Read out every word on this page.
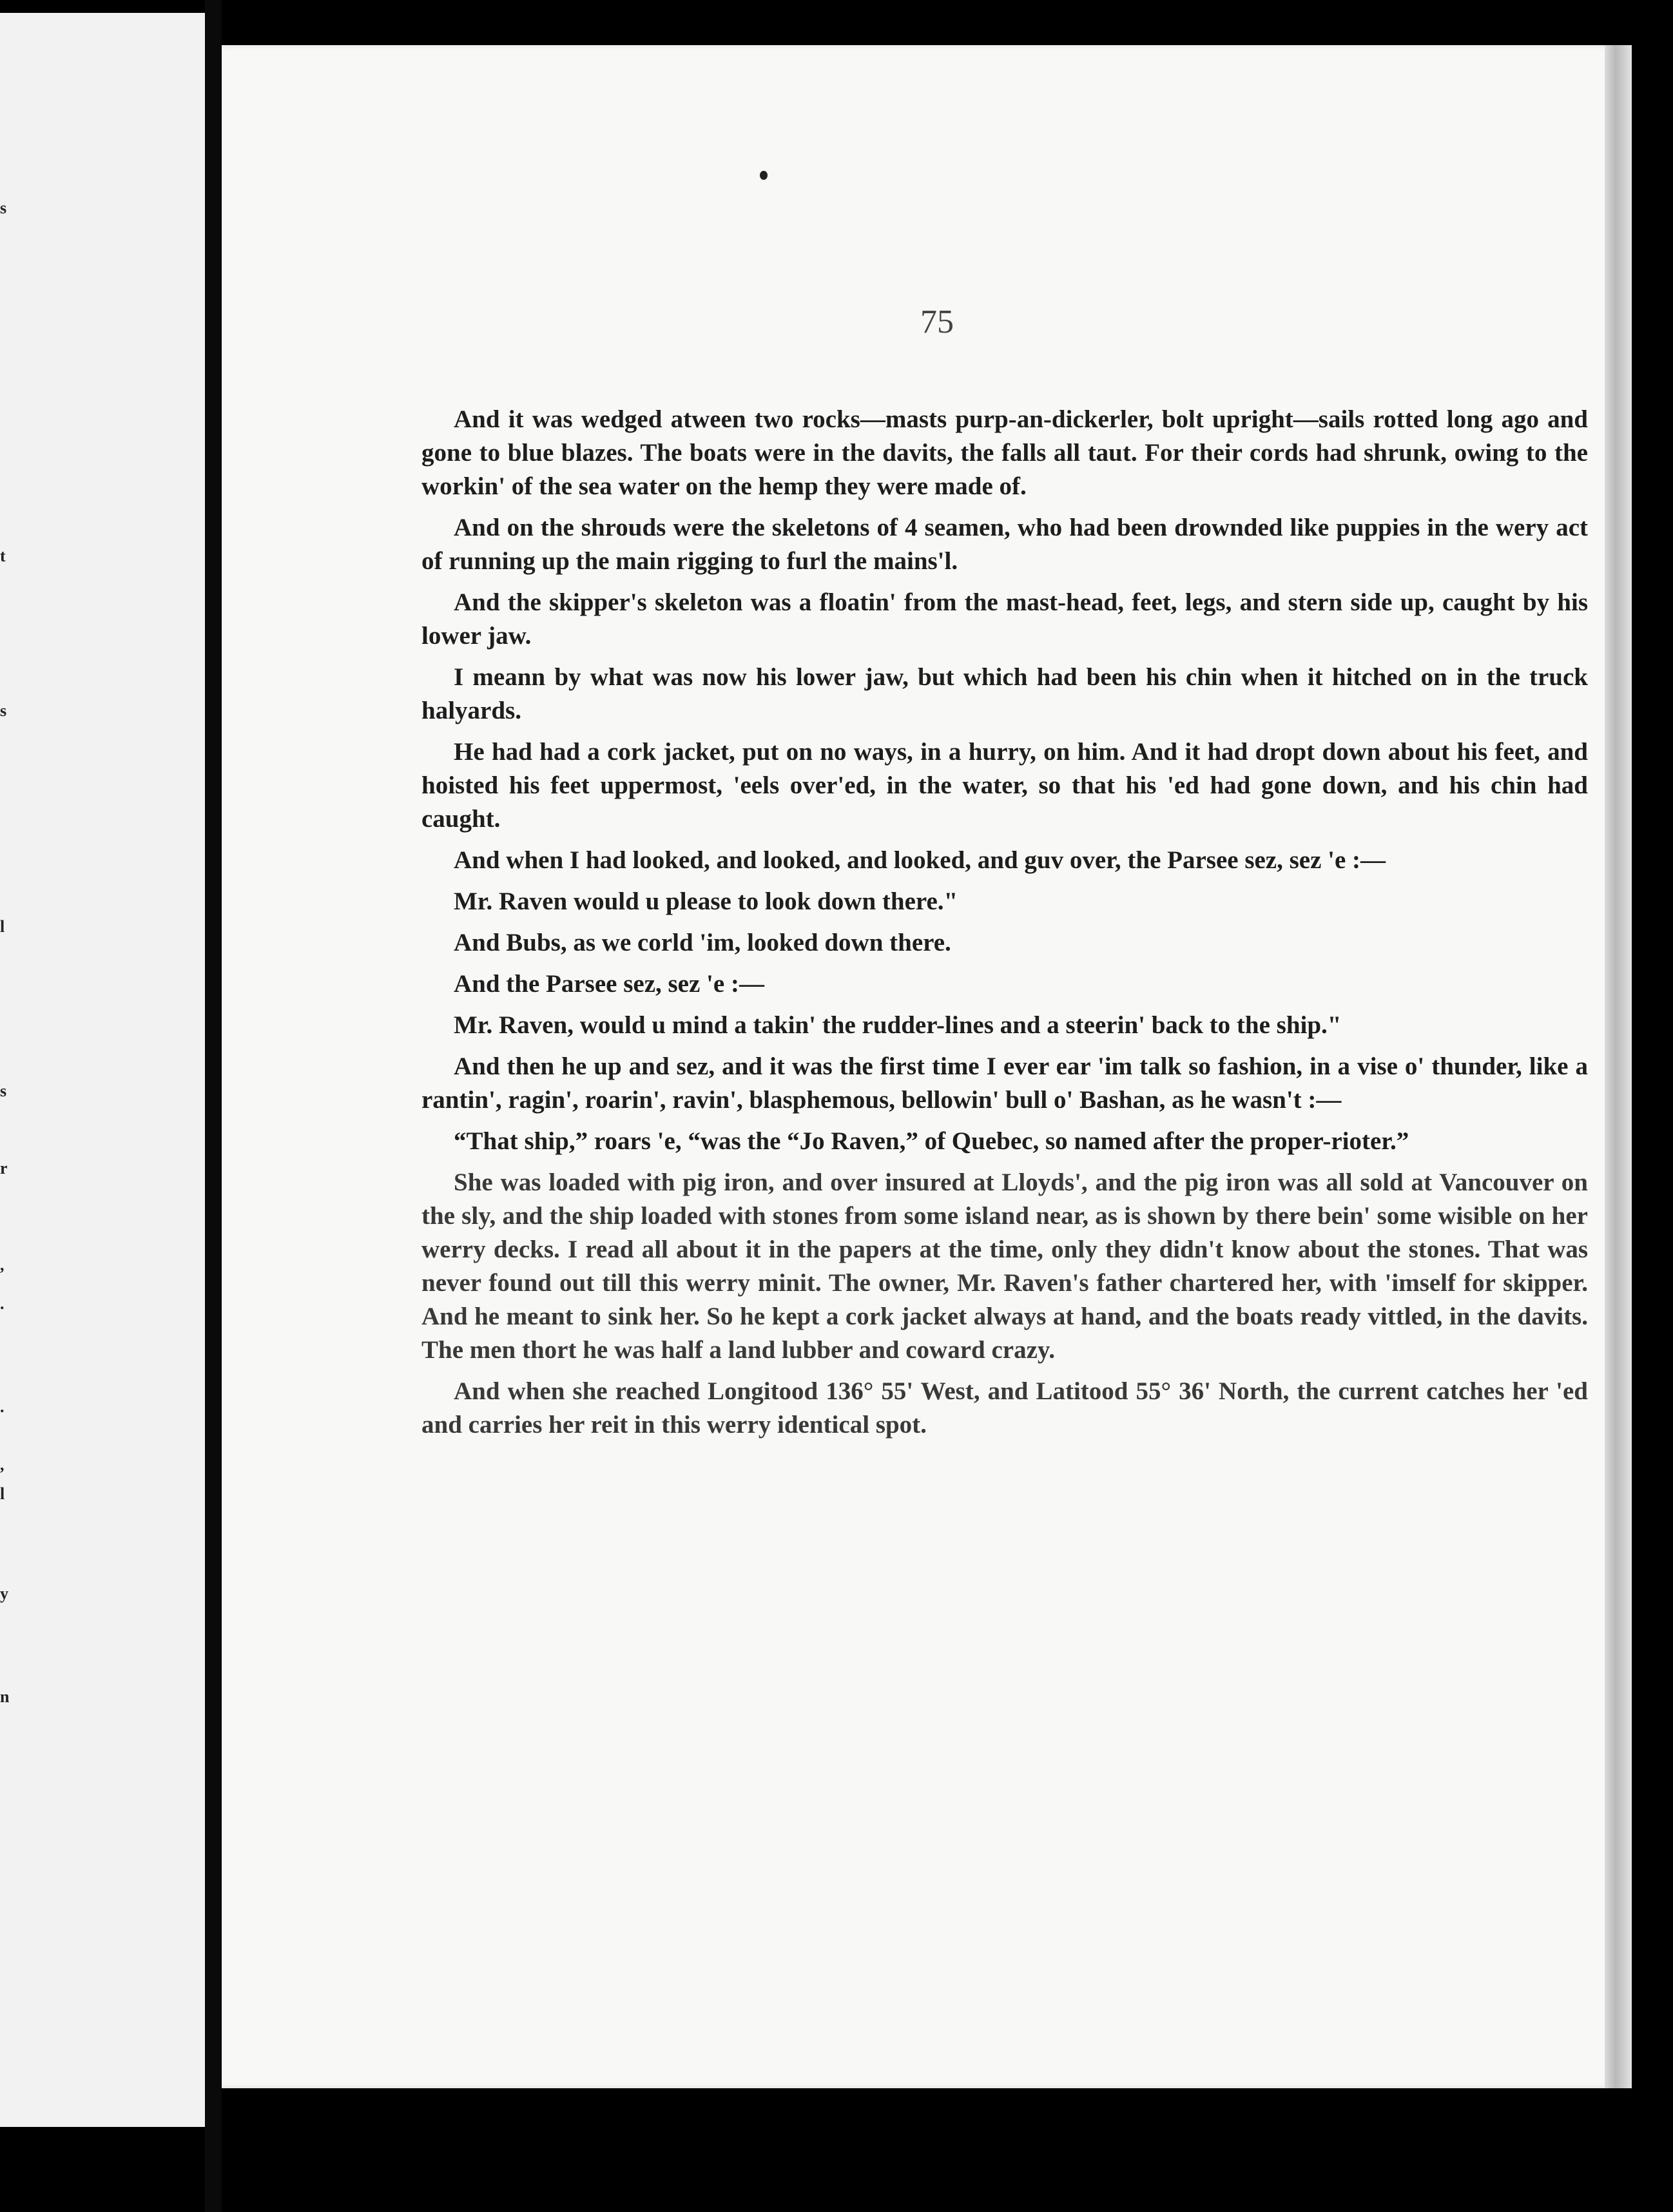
s
t
s
l
s
r
,
.
.
,
l
y
n
75

And it was wedged atween two rocks—masts purp-an-dickerler, bolt upright—sails rotted long ago and gone to blue blazes. The boats were in the davits, the falls all taut. For their cords had shrunk, owing to the workin' of the sea water on the hemp they were made of.

And on the shrouds were the skeletons of 4 seamen, who had been drownded like puppies in the wery act of running up the main rigging to furl the mains'l.

And the skipper's skeleton was a floatin' from the mast-head, feet, legs, and stern side up, caught by his lower jaw.

I meann by what was now his lower jaw, but which had been his chin when it hitched on in the truck halyards.

He had had a cork jacket, put on no ways, in a hurry, on him. And it had dropt down about his feet, and hoisted his feet uppermost, 'eels over'ed, in the water, so that his 'ed had gone down, and his chin had caught.

And when I had looked, and looked, and looked, and guv over, the Parsee sez, sez 'e :—

Mr. Raven would u please to look down there."

And Bubs, as we corld 'im, looked down there.

And the Parsee sez, sez 'e :—

Mr. Raven, would u mind a takin' the rudder-lines and a steerin' back to the ship."

And then he up and sez, and it was the first time I ever ear 'im talk so fashion, in a vise o' thunder, like a rantin', ragin', roarin', ravin', blasphemous, bellowin' bull o' Bashan, as he wasn't :—

“That ship,” roars 'e, “was the “Jo Raven,” of Quebec, so named after the proper-rioter.”

She was loaded with pig iron, and over insured at Lloyds', and the pig iron was all sold at Vancouver on the sly, and the ship loaded with stones from some island near, as is shown by there bein' some wisible on her werry decks. I read all about it in the papers at the time, only they didn't know about the stones. That was never found out till this werry minit. The owner, Mr. Raven's father chartered her, with 'imself for skipper. And he meant to sink her. So he kept a cork jacket always at hand, and the boats ready vittled, in the davits. The men thort he was half a land lubber and coward crazy.

And when she reached Longitood 136° 55' West, and Latitood 55° 36' North, the current catches her 'ed and carries her reit in this werry identical spot.
